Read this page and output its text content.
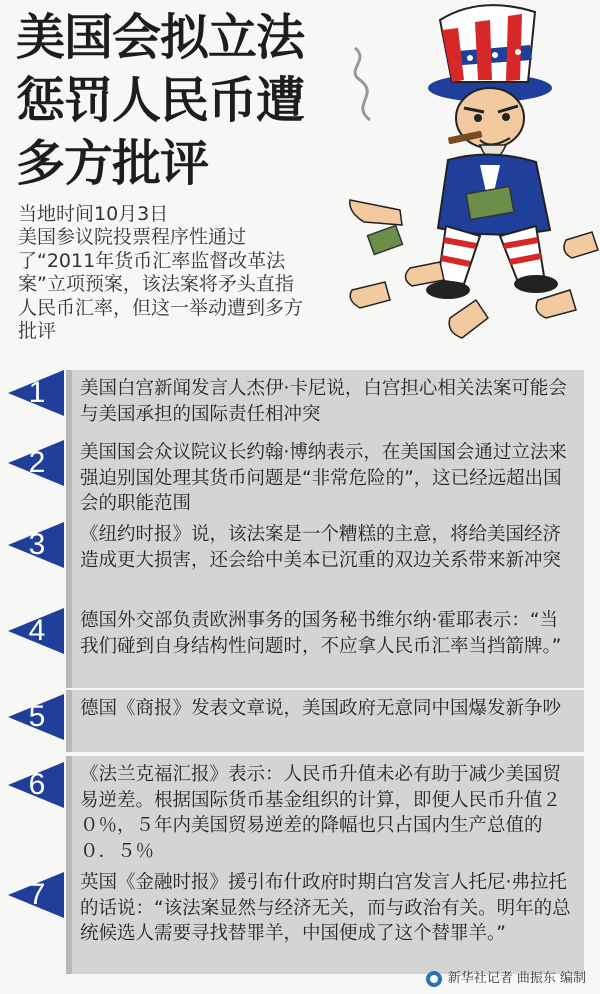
美国会拟立法
惩罚人民币遭
多方批评
当地时间10月3日
美国参议院投票程序性通过了“2011年货币汇率监督改革法案”立项预案，该法案将矛头直指人民币汇率，但这一举动遭到多方批评
1	美国白宫新闻发言人杰伊·卡尼说，白宫担心相关法案可能会与美国承担的国际责任相冲突
2	美国国会众议院议长约翰·博纳表示，在美国国会通过立法来强迫别国处理其货币问题是“非常危险的”，这已经远超出国会的职能范围
3	《纽约时报》说，该法案是一个糟糕的主意，将给美国经济造成更大损害，还会给中美本已沉重的双边关系带来新冲突
4	德国外交部负责欧洲事务的国务秘书维尔纳·霍耶表示：“当我们碰到自身结构性问题时，不应拿人民币汇率当挡箭牌。”
5	德国《商报》发表文章说，美国政府无意同中国爆发新争吵
6	《法兰克福汇报》表示：人民币升值未必有助于减少美国贸易逆差。根据国际货币基金组织的计算，即便人民币升值２０％，５年内美国贸易逆差的降幅也只占国内生产总值的０．５％
7	英国《金融时报》援引布什政府时期白宫发言人托尼·弗拉托的话说：“该法案显然与经济无关，而与政治有关。明年的总统候选人需要寻找替罪羊，中国便成了这个替罪羊。”
新华社记者 曲振东 编制
